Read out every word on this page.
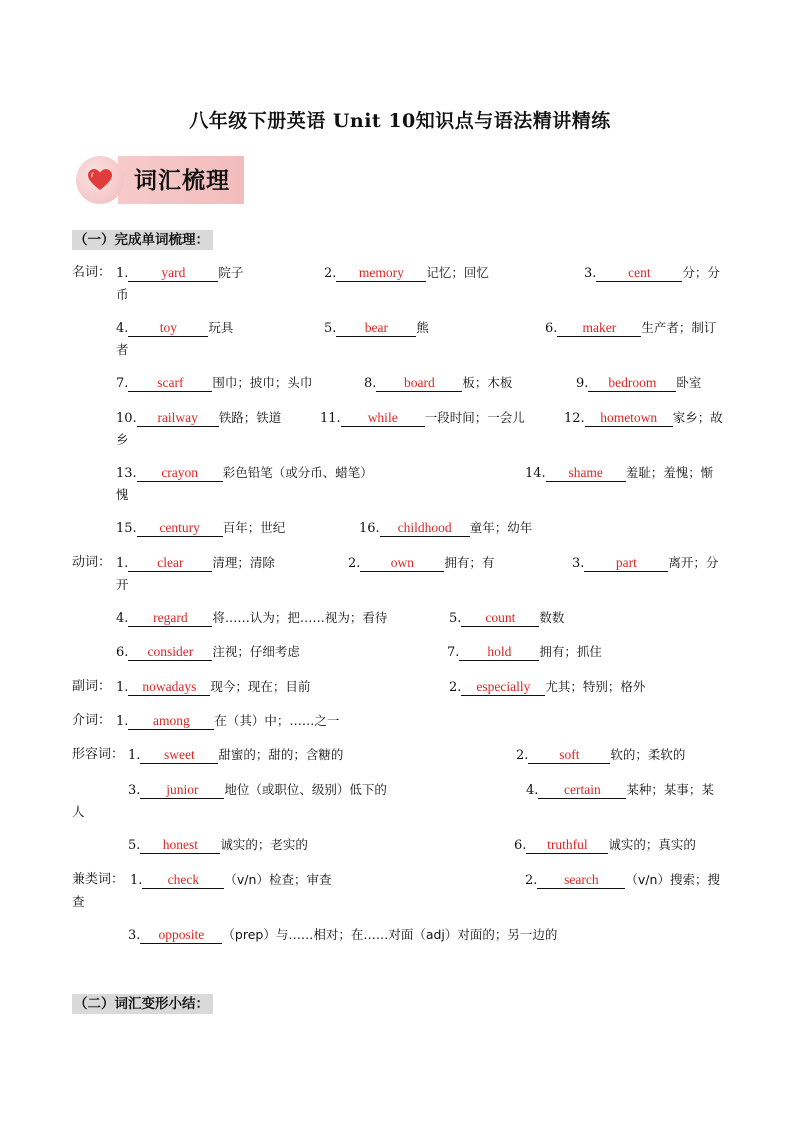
八年级下册英语 Unit 10知识点与语法精讲精练
词汇梳理
（一）完成单词梳理：
名词： 1. yard	院子	2. memory 记忆；回忆	3. cent	分；分
币
4. toy	玩具	5. bear 熊	6. maker 生产者；制订
者
7. scarf 围巾；披巾；头巾	8. board 板；木板	9. bedroom 卧室
10. railway 铁路；铁道	11. while 一段时间；一会儿	12. hometown 家乡；故
乡
13. crayon 彩色铅笔（或分币、蜡笔）	14. shame 羞耻；羞愧；惭
愧
15. century 百年；世纪	16. childhood 童年；幼年
动词： 1. clear 清理；清除	2. own 拥有；有	3. part	离开；分
开
4. regard 将……认为；把……视为；看待	5. count 数数
6. consider 注视；仔细考虑	7. hold 拥有；抓住
副词： 1. nowadays 现今；现在；目前	2. especially 尤其；特别；格外
介词： 1. among 在（其）中；……之一
形容词： 1. sweet 甜蜜的；甜的；含糖的	2. soft 软的；柔软的
3. junior 地位（或职位、级别）低下的	4. certain 某种；某事；某
人
5. honest 诚实的；老实的	6. truthful 诚实的；真实的
兼类词： 1. check （v/n）检查；审查	2. search （v/n）搜索；搜
查
3. opposite （prep）与……相对；在……对面（adj）对面的；另一边的
（二）词汇变形小结：
